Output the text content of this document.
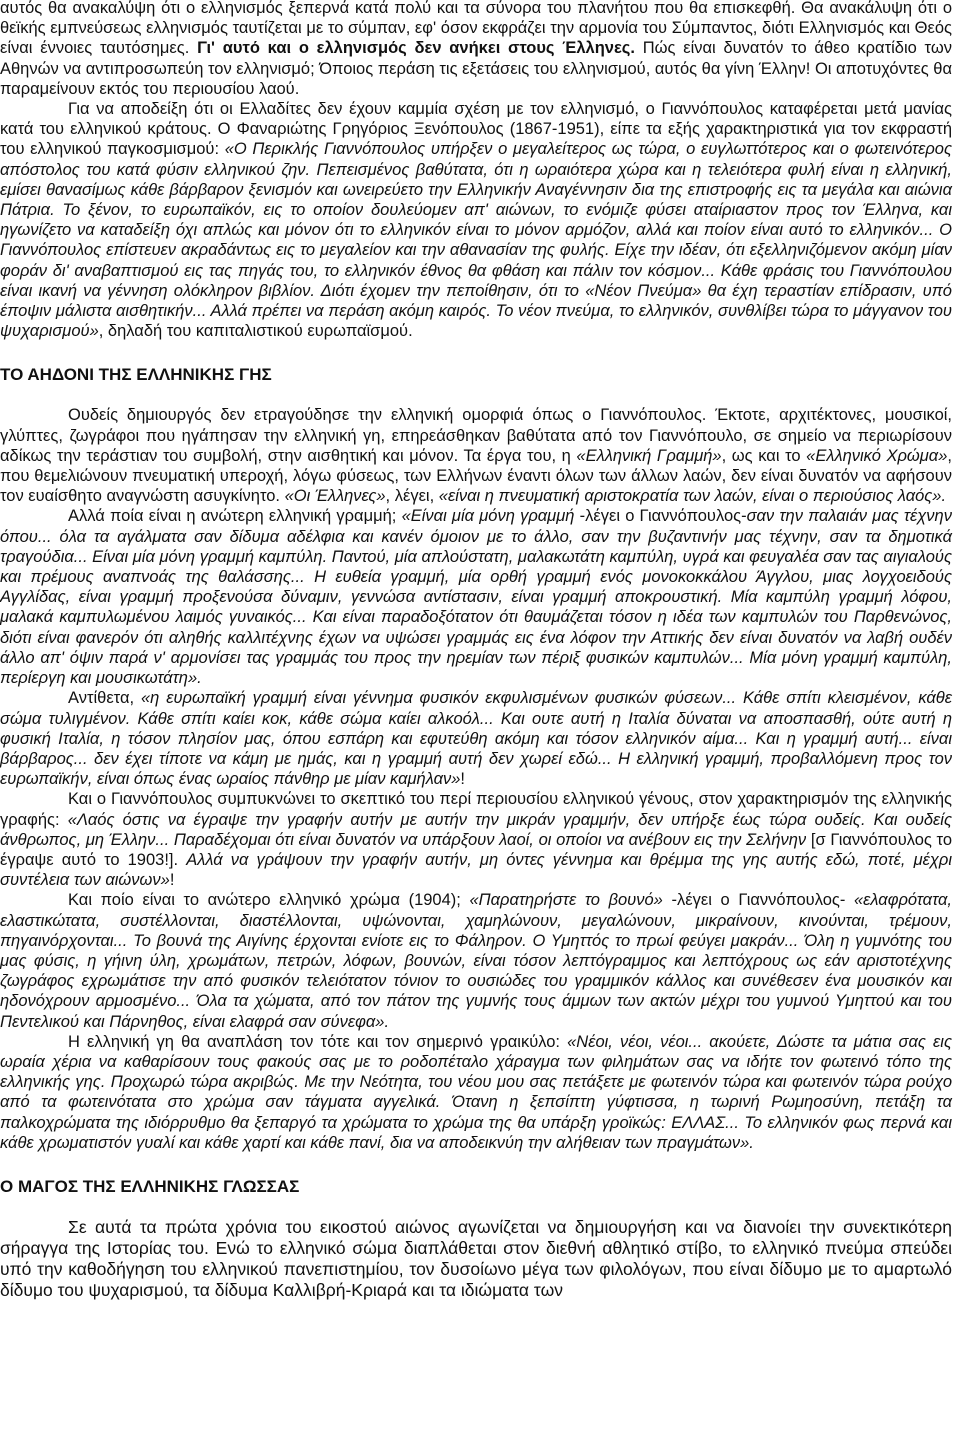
αυτός θα ανακαλύψη ότι ο ελληνισμός ξεπερνά κατά πολύ και τα σύνορα του πλανήτου που θα επισκεφθή. Θα ανακάλυψη ότι ο θεϊκής εμπνεύσεως ελληνισμός ταυτίζεται με το σύμπαν, εφ' όσον εκφράζει την αρμονία του Σύμπαντος, διότι Ελληνισμός και Θεός είναι έννοιες ταυτόσημες. Γι' αυτό και ο ελληνισμός δεν ανήκει στους Έλληνες. Πώς είναι δυνατόν το άθεο κρατίδιο των Αθηνών να αντιπροσωπεύη τον ελληνισμό; Όποιος περάση τις εξετάσεις του ελληνισμού, αυτός θα γίνη Έλλην! Οι αποτυχόντες θα παραμείνουν εκτός του περιουσίου λαού.

Για να αποδείξη ότι οι Ελλαδίτες δεν έχουν καμμία σχέση με τον ελληνισμό, ο Γιαννόπουλος καταφέρεται μετά μανίας κατά του ελληνικού κράτους. Ο Φαναριώτης Γρηγόριος Ξενόπουλος (1867-1951), είπε τα εξής χαρακτηριστικά για τον εκφραστή του ελληνικού παγκοσμισμού: «Ο Περικλής Γιαννόπουλος υπήρξεν ο μεγαλείτερος ως τώρα, ο ευγλωττότερος και ο φωτεινότερος απόστολος του κατά φύσιν ελληνικού ζην. Πεπεισμένος βαθύτατα, ότι η ωραιότερα χώρα και η τελειότερα φυλή είναι η ελληνική, εμίσει θανασίμως κάθε βάρβαρον ξενισμόν και ωνειρεύετο την Ελληνικήν Αναγέννησιν δια της επιστροφής εις τα μεγάλα και αιώνια Πάτρια. Το ξένον, το ευρωπαϊκόν, εις το οποίον δουλεύομεν απ' αιώνων, το ενόμιζε φύσει αταίριαστον προς τον Έλληνα, και ηγωνίζετο να καταδείξη όχι απλώς και μόνον ότι το ελληνικόν είναι το μόνον αρμόζον, αλλά και ποίον είναι αυτό το ελληνικόν... Ο Γιαννόπουλος επίστευεν ακραδάντως εις το μεγαλείον και την αθανασίαν της φυλής. Είχε την ιδέαν, ότι εξελληνιζόμενον ακόμη μίαν φοράν δι' αναβαπτισμού εις τας πηγάς του, το ελληνικόν έθνος θα φθάση και πάλιν τον κόσμον... Κάθε φράσις του Γιαννόπουλου είναι ικανή να γέννηση ολόκληρον βιβλίον. Διότι έχομεν την πεποίθησιν, ότι το «Νέον Πνεύμα» θα έχη τεραστίαν επίδρασιν, υπό έποψιν μάλιστα αισθητικήν... Αλλά πρέπει να περάση ακόμη καιρός. Το νέον πνεύμα, το ελληνικόν, συνθλίβει τώρα το μάγγανον του ψυχαρισμού», δηλαδή του καπιταλιστικού ευρωπαϊσμού.

ΤΟ ΑΗΔΟΝΙ ΤΗΣ ΕΛΛΗΝΙΚΗΣ ΓΗΣ

Ουδείς δημιουργός δεν ετραγούδησε την ελληνική ομορφιά όπως ο Γιαννόπουλος. Έκτοτε, αρχιτέκτονες, μουσικοί, γλύπτες, ζωγράφοι που ηγάπησαν την ελληνική γη, επηρεάσθηκαν βαθύτατα από τον Γιαννόπουλο, σε σημείο να περιωρίσουν αδίκως την τεράστιαν του συμβολή, στην αισθητική και μόνον. Τα έργα του, η «Ελληνική Γραμμή», ως και το «Ελληνικό Χρώμα», που θεμελιώνουν πνευματική υπεροχή, λόγω φύσεως, των Ελλήνων έναντι όλων των άλλων λαών, δεν είναι δυνατόν να αφήσουν τον ευαίσθητο αναγνώστη ασυγκίνητο. «Οι Έλληνες», λέγει, «είναι η πνευματική αριστοκρατία των λαών, είναι ο περιούσιος λαός».

Αλλά ποία είναι η ανώτερη ελληνική γραμμή; «Είναι μία μόνη γραμμή -λέγει ο Γιαννόπουλος-σαν την παλαιάν μας τέχνην όπου... όλα τα αγάλματα σαν δίδυμα αδέλφια και κανέν όμοιον με το άλλο, σαν την βυζαντινήν μας τέχνην, σαν τα δημοτικά τραγούδια... Είναι μία μόνη γραμμή καμπύλη. Παντού, μία απλούστατη, μαλακωτάτη καμπύλη, υγρά και φευγαλέα σαν τας αιγιαλούς και πρέμους αναπνοάς της θαλάσσης... Η ευθεία γραμμή, μία ορθή γραμμή ενός μονοκοκκάλου Άγγλου, μιας λογχοειδούς Αγγλίδας, είναι γραμμή προξενούσα δύναμιν, γεννώσα αντίστασιν, είναι γραμμή αποκρουστική. Μία καμπύλη γραμμή λόφου, μαλακά καμπυλωμένου λαιμός γυναικός... Και είναι παραδοξότατον ότι θαυμάζεται τόσον η ιδέα των καμπυλών του Παρθενώνος, διότι είναι φανερόν ότι αληθής καλλιτέχνης έχων να υψώσει γραμμάς εις ένα λόφον την Αττικής δεν είναι δυνατόν να λαβή ουδέν άλλο απ' όψιν παρά ν' αρμονίσει τας γραμμάς του προς την ηρεμίαν των πέριξ φυσικών καμπυλών... Μία μόνη γραμμή καμπύλη, περίεργη και μουσικωτάτη».

Αντίθετα, «η ευρωπαϊκή γραμμή είναι γέννημα φυσικόν εκφυλισμένων φυσικών φύσεων... Κάθε σπίτι κλεισμένον, κάθε σώμα τυλιγμένον. Κάθε σπίτι καίει κοκ, κάθε σώμα καίει αλκοόλ... Και ουτε αυτή η Ιταλία δύναται να αποσπασθή, ούτε αυτή η φυσική Ιταλία, η τόσον πλησίον μας, όπου εσπάρη και εφυτεύθη ακόμη και τόσον ελληνικόν αίμα... Και η γραμμή αυτή... είναι βάρβαρος... δεν έχει τίποτε να κάμη με ημάς, και η γραμμή αυτή δεν χωρεί εδώ... Η ελληνική γραμμή, προβαλλόμενη προς τον ευρωπαϊκήν, είναι όπως ένας ωραίος πάνθηρ με μίαν καμήλαν»!

Και ο Γιαννόπουλος συμπυκνώνει το σκεπτικό του περί περιουσίου ελληνικού γένους, στον χαρακτηρισμόν της ελληνικής γραφής: «Λαός όστις να έγραψε την γραφήν αυτήν με αυτήν την μικράν γραμμήν, δεν υπήρξε έως τώρα ουδείς. Και ουδείς άνθρωπος, μη Έλλην... Παραδέχομαι ότι είναι δυνατόν να υπάρξουν λαοί, οι οποίοι να ανέβουν εις την Σελήνην [σ Γιαννόπουλος το έγραψε αυτό το 1903!]. Αλλά να γράψουν την γραφήν αυτήν, μη όντες γέννημα και θρέμμα της γης αυτής εδώ, ποτέ, μέχρι συντέλεια των αιώνων»!

Και ποίο είναι το ανώτερο ελληνικό χρώμα (1904); «Παρατηρήστε το βουνό» -λέγει ο Γιαννόπουλος- «ελαφρότατα, ελαστικώτατα, συστέλλονται, διαστέλλονται, υψώνονται, χαμηλώνουν, μεγαλώνουν, μικραίνουν, κινούνται, τρέμουν, πηγαινόρχονται... Το βουνά της Αιγίνης έρχονται ενίοτε εις το Φάληρον. Ο Υμηττός το πρωί φεύγει μακράν... Όλη η γυμνότης του μας φύσις, η γήινη ύλη, χρωμάτων, πετρών, λόφων, βουνών, είναι τόσον λεπτόγραμμος και λεπτόχρους ως εάν αριστοτέχνης ζωγράφος εχρωμάτισε την από φυσικόν τελειότατον τόνιον το ουσιώδες του γραμμικόν κάλλος και συνέθεσεν ένα μουσικόν και ηδονόχρουν αρμοσμένο... Όλα τα χώματα, από τον πάτον της γυμνής τους άμμων των ακτών μέχρι του γυμνού Υμηττού και του Πεντελικού και Πάρνηθος, είναι ελαφρά σαν σύνεφα».

Η ελληνική γη θα αναπλάση τον τότε και τον σημερινό γραικύλο: «Νέοι, νέοι, νέοι... ακούετε, Δώστε τα μάτια σας εις ωραία χέρια να καθαρίσουν τους φακούς σας με το ροδοπέταλο χάραγμα των φιλημάτων σας να ιδήτε τον φωτεινό τόπο της ελληνικής γης. Προχωρώ τώρα ακριβώς. Με την Νεότητα, του νέου μου σας πετάξετε με φωτεινόν τώρα και φωτεινόν τώρα ρούχο από τα φωτεινότατα στο χρώμα σαν τάγματα αγγελικά. Ότανη η ξεπσίπτη γύφτισσα, η τωρινή Ρωμηοσύνη, πετάξη τα παλκοχρώματα της ιδιόρρυθμο θα ξεπαργό τα χρώματα το χρώμα της θα υπάρξη γροϊκώς: ΕΛΛΑΣ... Το ελληνικόν φως περνά και κάθε χρωματιστόν γυαλί και κάθε χαρτί και κάθε πανί, δια να αποδεικνύη την αλήθειαν των πραγμάτων».

Ο ΜΑΓΟΣ ΤΗΣ ΕΛΛΗΝΙΚΗΣ ΓΛΩΣΣΑΣ

Σε αυτά τα πρώτα χρόνια του εικοστού αιώνος αγωνίζεται να δημιουργήση και να διανοίει την συνεκτικότερη σήραγγα της Ιστορίας του. Ενώ το ελληνικό σώμα διαπλάθεται στον διεθνή αθλητικό στίβο, το ελληνικό πνεύμα σπεύδει υπό την καθοδήγηση του ελληνικού πανεπιστημίου, τον δυσοίωνο μέγα των φιλολόγων, που είναι δίδυμο με το αμαρτωλό δίδυμο του ψυχαρισμού, τα δίδυμα Καλλιβρή-Κριαρά και τα ιδιώματα των
